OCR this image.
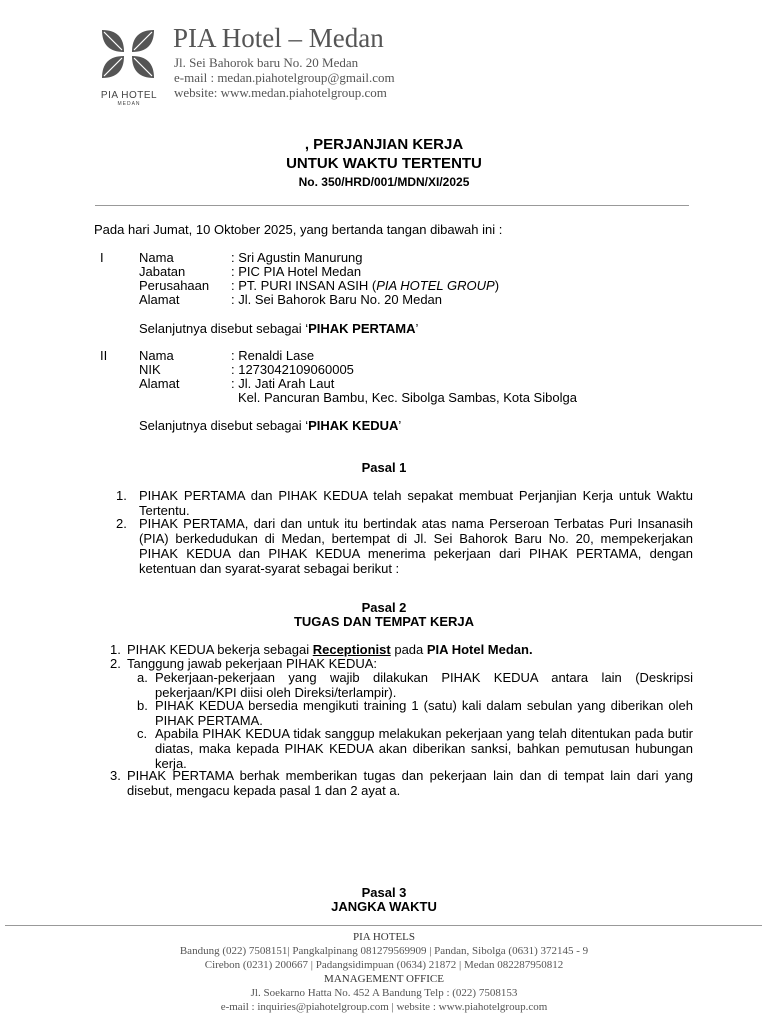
PIA HOTEL
MEDAN
PIA Hotel – Medan
Jl. Sei Bahorok baru No. 20 Medan
e-mail : medan.piahotelgroup@gmail.com
website: www.medan.piahotelgroup.com
, PERJANJIAN KERJA
UNTUK WAKTU TERTENTU
No. 350/HRD/001/MDN/XI/2025
Pada hari Jumat, 10 Oktober 2025, yang bertanda tangan dibawah ini :
I	Nama
Jabatan
Perusahaan
Alamat
: Sri Agustin Manurung
: PIC PIA Hotel Medan
: PT. PURI INSAN ASIH (PIA HOTEL GROUP)
: Jl. Sei Bahorok Baru No. 20 Medan
Selanjutnya disebut sebagai ‘PIHAK PERTAMA’
II Nama
NIK
Alamat
: Renaldi Lase
: 1273042109060005
: Jl. Jati Arah Laut
Kel. Pancuran Bambu, Kec. Sibolga Sambas, Kota Sibolga
Selanjutnya disebut sebagai ‘PIHAK KEDUA’
Pasal 1
1. PIHAK PERTAMA dan PIHAK KEDUA telah sepakat membuat Perjanjian Kerja untuk Waktu Tertentu.
2. PIHAK PERTAMA, dari dan untuk itu bertindak atas nama Perseroan Terbatas Puri Insanasih (PIA) berkedudukan di Medan, bertempat di Jl. Sei Bahorok Baru No. 20, mempekerjakan PIHAK KEDUA dan PIHAK KEDUA menerima pekerjaan dari PIHAK PERTAMA, dengan ketentuan dan syarat-syarat sebagai berikut :
Pasal 2
TUGAS DAN TEMPAT KERJA
1. PIHAK KEDUA bekerja sebagai Receptionist pada PIA Hotel Medan.
2. Tanggung jawab pekerjaan PIHAK KEDUA:
a. Pekerjaan-pekerjaan yang wajib dilakukan PIHAK KEDUA antara lain (Deskripsi pekerjaan/KPI diisi oleh Direksi/terlampir).
b. PIHAK KEDUA bersedia mengikuti training 1 (satu) kali dalam sebulan yang diberikan oleh PIHAK PERTAMA.
c. Apabila PIHAK KEDUA tidak sanggup melakukan pekerjaan yang telah ditentukan pada butir diatas, maka kepada PIHAK KEDUA akan diberikan sanksi, bahkan pemutusan hubungan kerja.
3. PIHAK PERTAMA berhak memberikan tugas dan pekerjaan lain dan di tempat lain dari yang disebut, mengacu kepada pasal 1 dan 2 ayat a.
Pasal 3
JANGKA WAKTU
PIA HOTELS
Bandung (022) 7508151| Pangkalpinang 081279569909 | Pandan, Sibolga (0631) 372145 - 9
Cirebon (0231) 200667 | Padangsidimpuan (0634) 21872 | Medan 082287950812
MANAGEMENT OFFICE
Jl. Soekarno Hatta No. 452 A Bandung Telp : (022) 7508153
e-mail : inquiries@piahotelgroup.com | website : www.piahotelgroup.com
